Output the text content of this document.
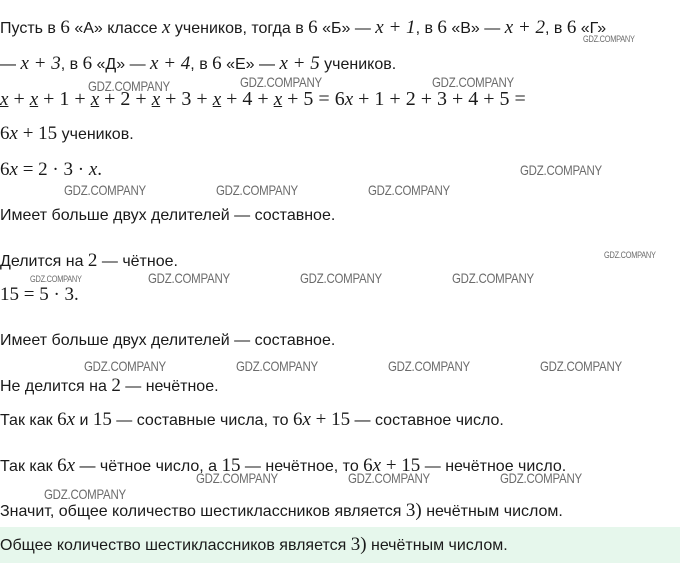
Пусть в 6 «А» классе x учеников, тогда в 6 «Б» — x + 1, в 6 «В» — x + 2, в 6 «Г»
— x + 3, в 6 «Д» — x + 4, в 6 «Е» — x + 5 учеников.
x + x + 1 + x + 2 + x + 3 + x + 4 + x + 5 = 6x + 1 + 2 + 3 + 4 + 5 =
6x + 15 учеников.
6x = 2 · 3 · x.
Имеет больше двух делителей — составное.
Делится на 2 — чётное.
15 = 5 · 3.
Имеет больше двух делителей — составное.
Не делится на 2 — нечётное.
Так как 6x и 15 — составные числа, то 6x + 15 — составное число.
Так как 6x — чётное число, а 15 — нечётное, то 6x + 15 — нечётное число.
Значит, общее количество шестиклассников является 3) нечётным числом.
Общее количество шестиклассников является 3) нечётным числом.
GDZ.COMPANY
GDZ.COMPANY	GDZ.COMPANY	GDZ.COMPANY
GDZ.COMPANY
GDZ.COMPANY	GDZ.COMPANY	GDZ.COMPANY
GDZ.COMPANY
GDZ.COMPANY	GDZ.COMPANY	GDZ.COMPANY	GDZ.COMPANY
GDZ.COMPANY	GDZ.COMPANY	GDZ.COMPANY	GDZ.COMPANY
GDZ.COMPANY	GDZ.COMPANY	GDZ.COMPANY
GDZ.COMPANY
